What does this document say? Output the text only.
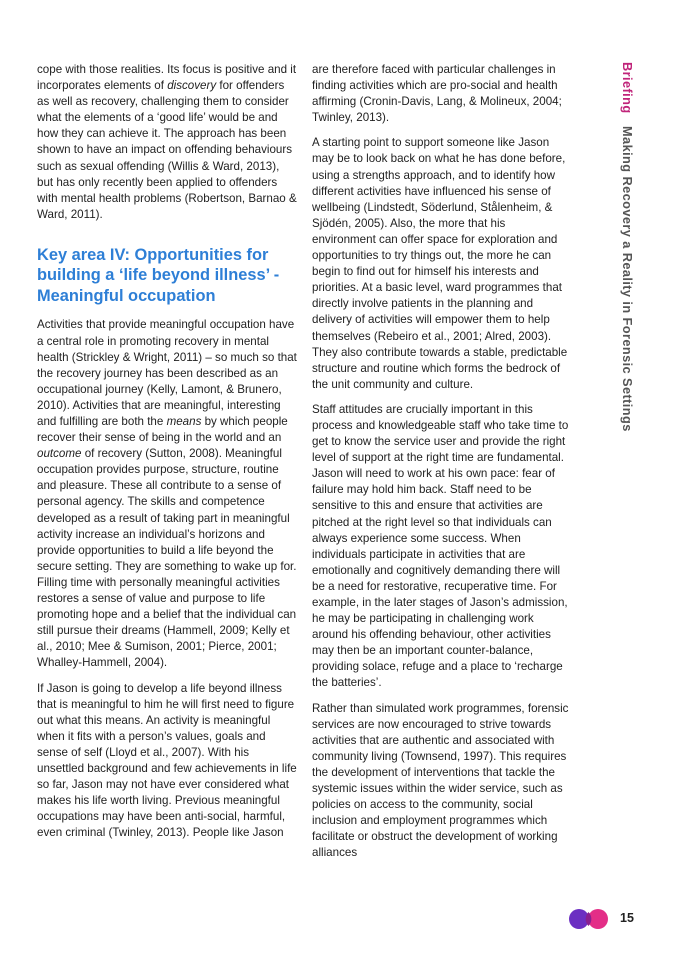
cope with those realities. Its focus is positive and it incorporates elements of discovery for offenders as well as recovery, challenging them to consider what the elements of a ‘good life’ would be and how they can achieve it. The approach has been shown to have an impact on offending behaviours such as sexual offending (Willis & Ward, 2013), but has only recently been applied to offenders with mental health problems (Robertson, Barnao & Ward, 2011).

Key area IV: Opportunities for building a ‘life beyond illness’ - Meaningful occupation

Activities that provide meaningful occupation have a central role in promoting recovery in mental health (Strickley & Wright, 2011) – so much so that the recovery journey has been described as an occupational journey (Kelly, Lamont, & Brunero, 2010). Activities that are meaningful, interesting and fulfilling are both the means by which people recover their sense of being in the world and an outcome of recovery (Sutton, 2008). Meaningful occupation provides purpose, structure, routine and pleasure. These all contribute to a sense of personal agency. The skills and competence developed as a result of taking part in meaningful activity increase an individual’s horizons and provide opportunities to build a life beyond the secure setting. They are something to wake up for. Filling time with personally meaningful activities restores a sense of value and purpose to life promoting hope and a belief that the individual can still pursue their dreams (Hammell, 2009; Kelly et al., 2010; Mee & Sumison, 2001; Pierce, 2001; Whalley-Hammell, 2004).

If Jason is going to develop a life beyond illness that is meaningful to him he will first need to figure out what this means. An activity is meaningful when it fits with a person’s values, goals and sense of self (Lloyd et al., 2007). With his unsettled background and few achievements in life so far, Jason may not have ever considered what makes his life worth living. Previous meaningful occupations may have been anti-social, harmful, even criminal (Twinley, 2013). People like Jason

are therefore faced with particular challenges in finding activities which are pro-social and health affirming (Cronin-Davis, Lang, & Molineux, 2004; Twinley, 2013).

A starting point to support someone like Jason may be to look back on what he has done before, using a strengths approach, and to identify how different activities have influenced his sense of wellbeing (Lindstedt, Söderlund, Stålenheim, & Sjödén, 2005). Also, the more that his environment can offer space for exploration and opportunities to try things out, the more he can begin to find out for himself his interests and priorities. At a basic level, ward programmes that directly involve patients in the planning and delivery of activities will empower them to help themselves (Rebeiro et al., 2001; Alred, 2003). They also contribute towards a stable, predictable structure and routine which forms the bedrock of the unit community and culture.

Staff attitudes are crucially important in this process and knowledgeable staff who take time to get to know the service user and provide the right level of support at the right time are fundamental. Jason will need to work at his own pace: fear of failure may hold him back. Staff need to be sensitive to this and ensure that activities are pitched at the right level so that individuals can always experience some success. When individuals participate in activities that are emotionally and cognitively demanding there will be a need for restorative, recuperative time. For example, in the later stages of Jason’s admission, he may be participating in challenging work around his offending behaviour, other activities may then be an important counter-balance, providing solace, refuge and a place to ‘recharge the batteries’.

Rather than simulated work programmes, forensic services are now encouraged to strive towards activities that are authentic and associated with community living (Townsend, 1997). This requires the development of interventions that tackle the systemic issues within the wider service, such as policies on access to the community, social inclusion and employment programmes which facilitate or obstruct the development of working alliances

BriefingMaking Recovery a Reality in Forensic Settings
15
